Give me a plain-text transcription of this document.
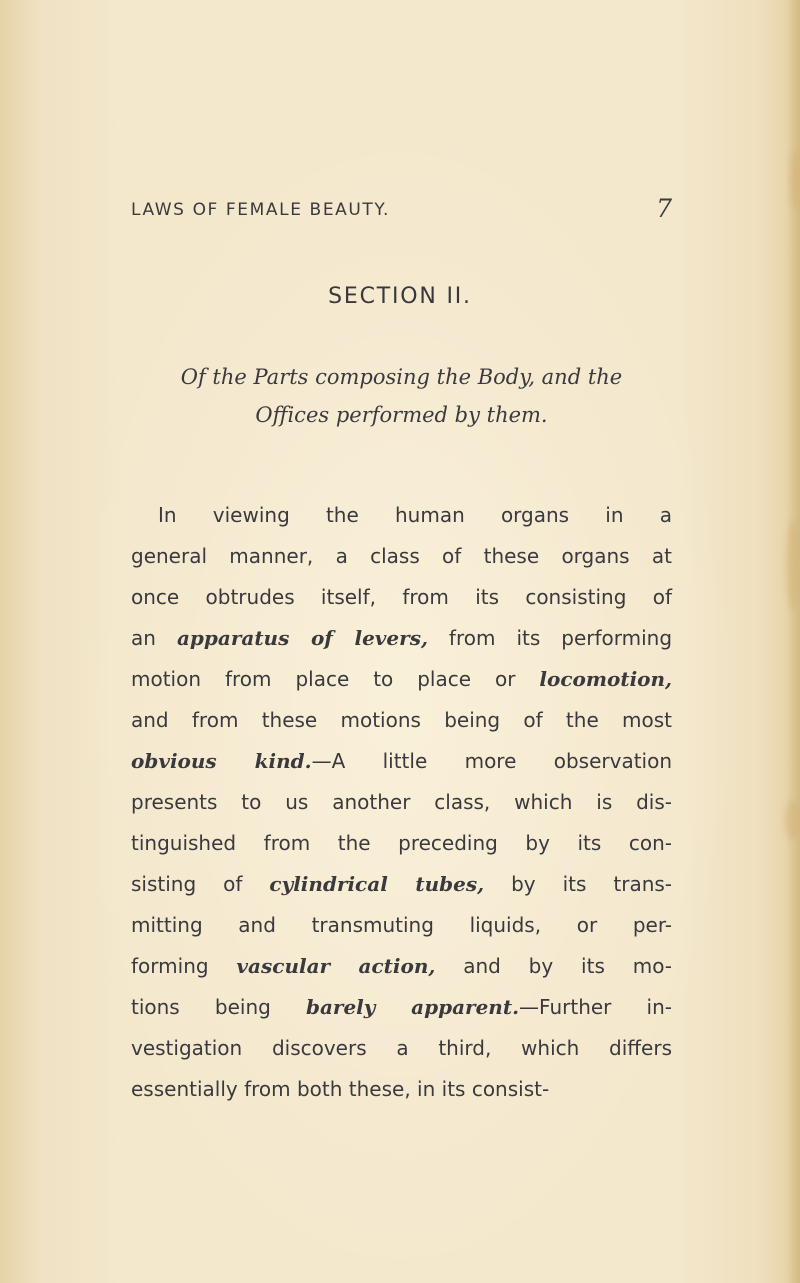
LAWS OF FEMALE BEAUTY.	7
SECTION II.
Of the Parts composing the Body, and the
Offices performed by them.
In viewing the human organs in a
general manner, a class of these organs at
once obtrudes itself, from its consisting of
an apparatus of levers, from its performing
motion from place to place or locomotion,
and from these motions being of the most
obvious kind.—A little more observation
presents to us another class, which is dis-
tinguished from the preceding by its con-
sisting of cylindrical tubes, by its trans-
mitting and transmuting liquids, or per-
forming vascular action, and by its mo-
tions being barely apparent.—Further in-
vestigation discovers a third, which differs
essentially from both these, in its consist-
